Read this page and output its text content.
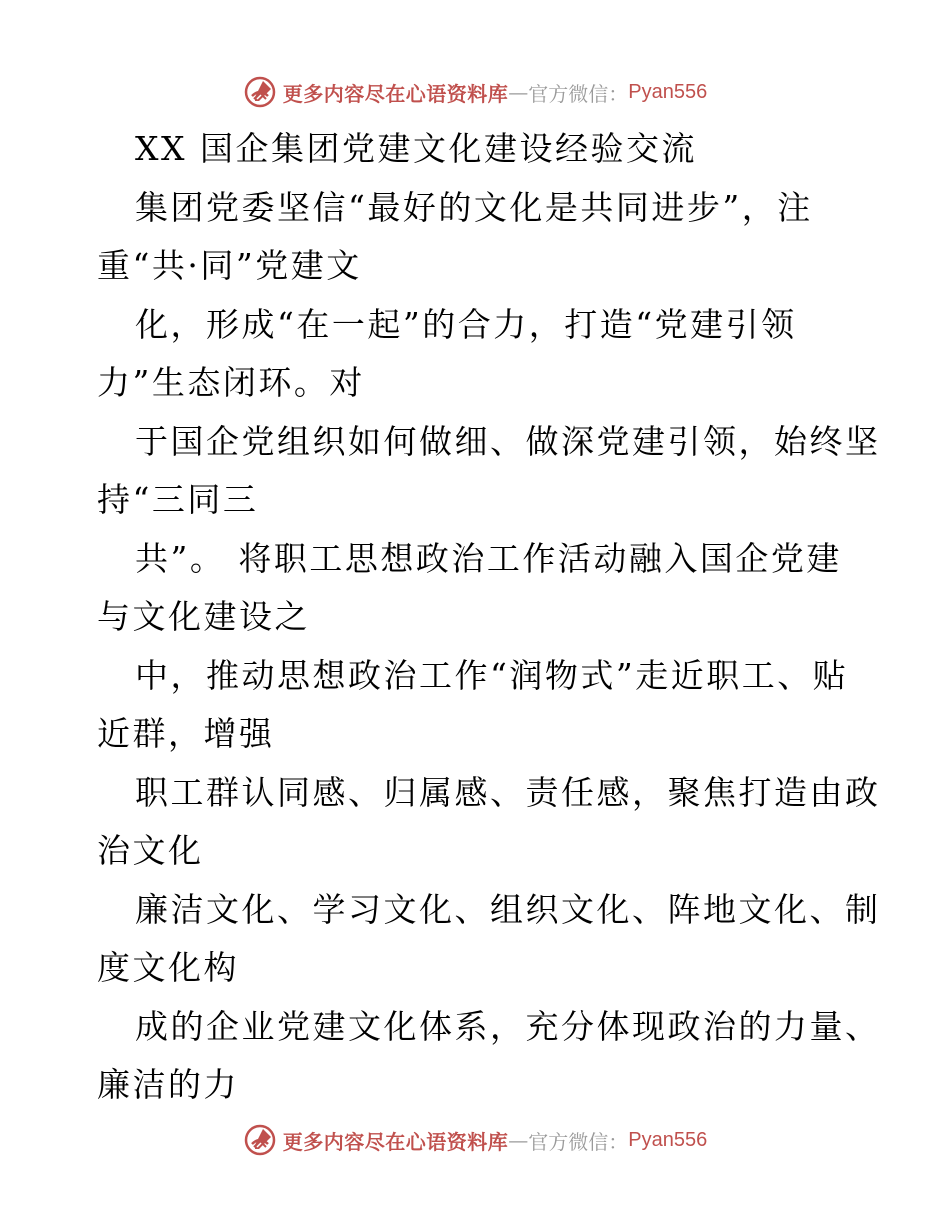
更多内容尽在心语资料库 — 官方微信： Pyan556
XX 国企集团党建文化建设经验交流
集团党委坚信“最好的文化是共同进步”，注
重“共·同”党建文
化，形成“在一起”的合力，打造“党建引领
力”生态闭环。对
于国企党组织如何做细、做深党建引领，始终坚
持“三同三
共”。 将职工思想政治工作活动融入国企党建
与文化建设之
中，推动思想政治工作“润物式”走近职工、贴
近群，增强
职工群认同感、归属感、责任感，聚焦打造由政
治文化
廉洁文化、学习文化、组织文化、阵地文化、制
度文化构
成的企业党建文化体系，充分体现政治的力量、
廉洁的力
更多内容尽在心语资料库 — 官方微信： Pyan556
